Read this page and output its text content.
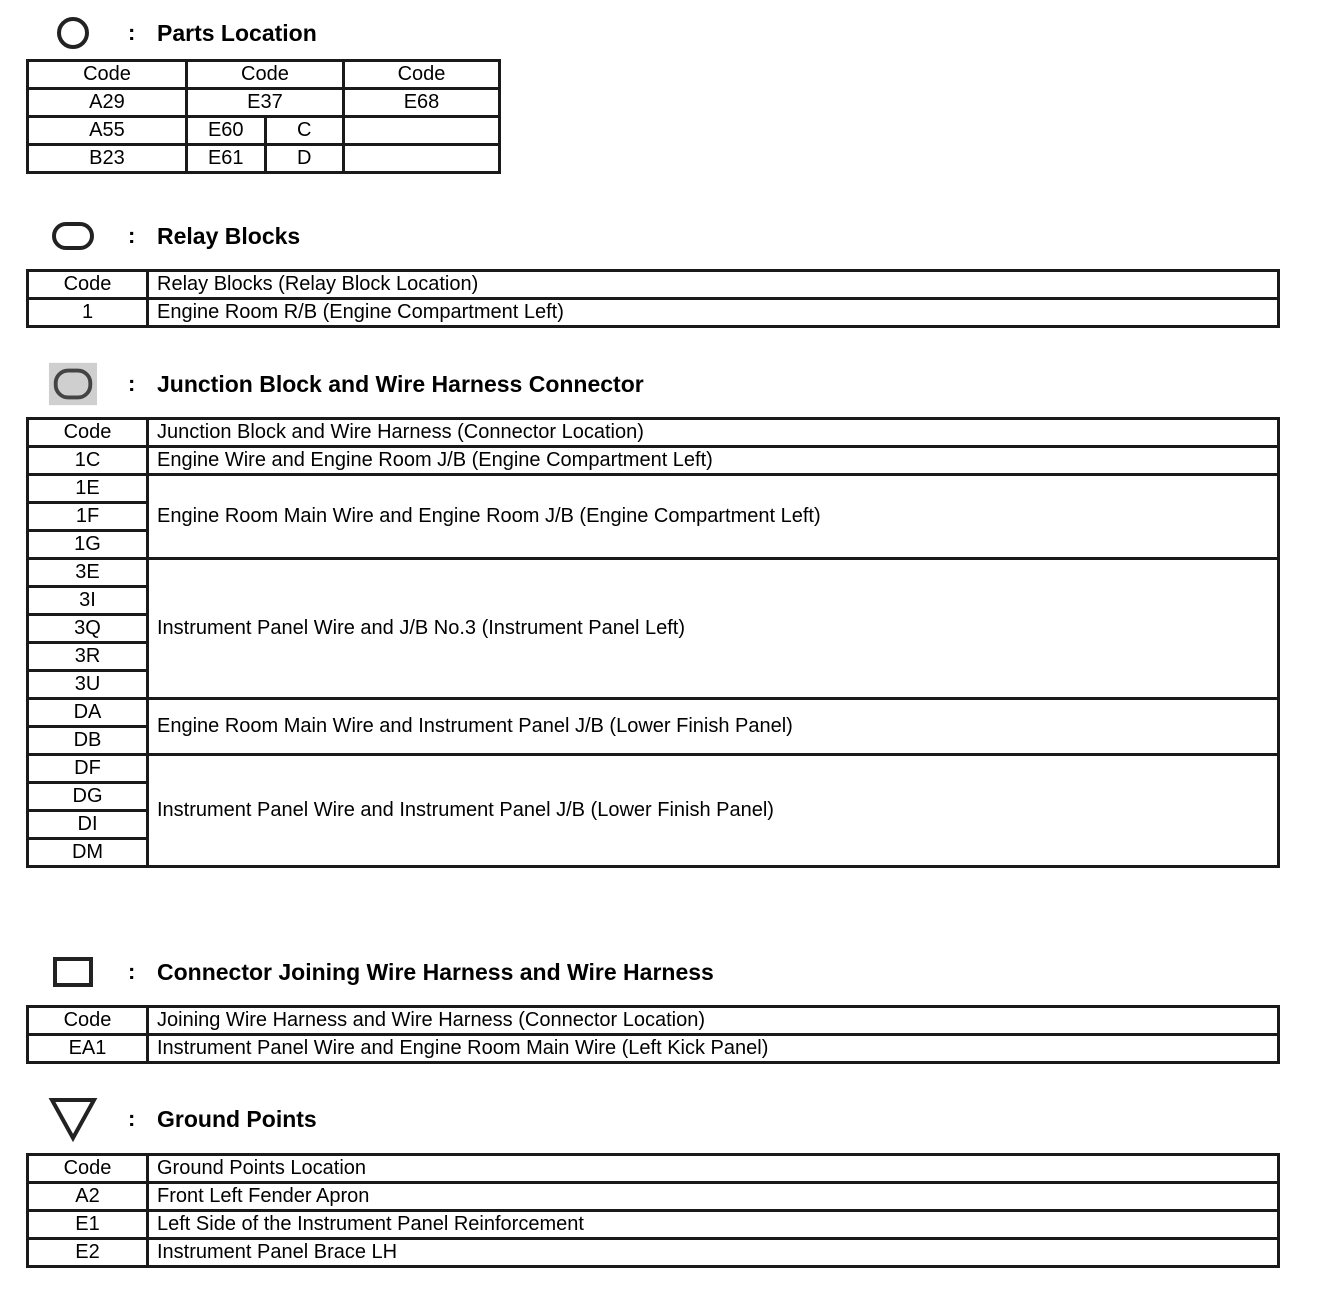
: Parts Location
Code	Code		Code
A29	E37		E68
A55	E60	C	
B23	E61	D	
: Relay Blocks
Code	Relay Blocks (Relay Block Location)
1	Engine Room R/B (Engine Compartment Left)
: Junction Block and Wire Harness Connector
Code	Junction Block and Wire Harness (Connector Location)
1C	Engine Wire and Engine Room J/B (Engine Compartment Left)
1E	Engine Room Main Wire and Engine Room J/B (Engine Compartment Left)
1F	
1G	
3E	Instrument Panel Wire and J/B No.3 (Instrument Panel Left)
3I	
3Q	
3R	
3U	
DA	Engine Room Main Wire and Instrument Panel J/B (Lower Finish Panel)
DB	
DF	Instrument Panel Wire and Instrument Panel J/B (Lower Finish Panel)
DG	
DI	
DM	
: Connector Joining Wire Harness and Wire Harness
Code	Joining Wire Harness and Wire Harness (Connector Location)
EA1	Instrument Panel Wire and Engine Room Main Wire (Left Kick Panel)
: Ground Points
Code	Ground Points Location
A2	Front Left Fender Apron
E1	Left Side of the Instrument Panel Reinforcement
E2	Instrument Panel Brace LH
